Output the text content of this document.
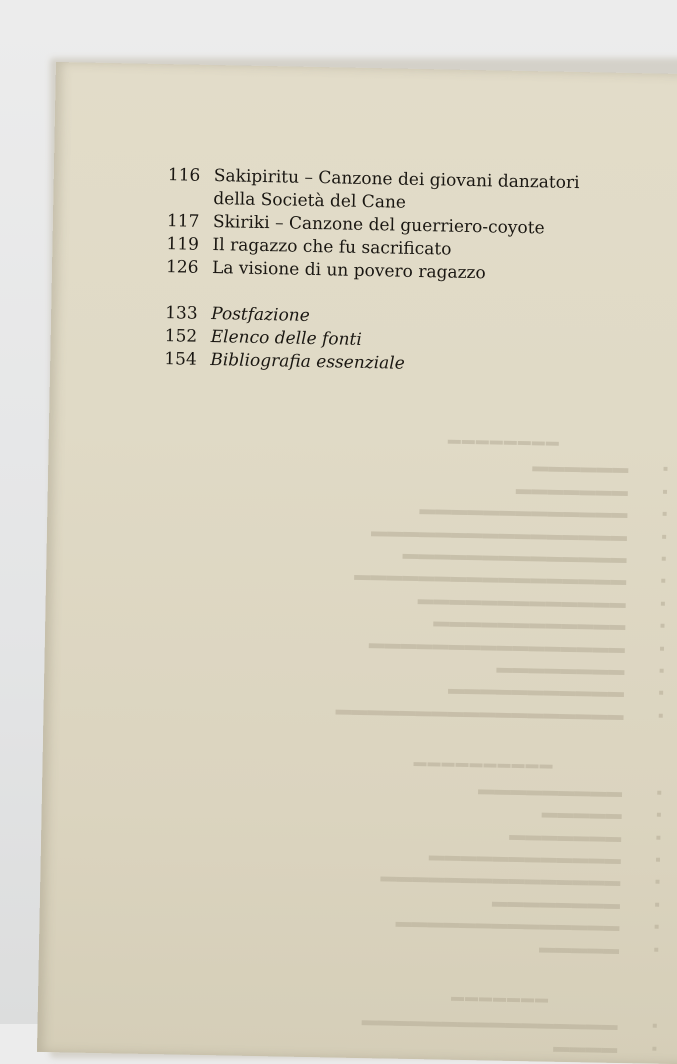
▬▬▬▬▬▬▬▬
▪
▬▬▬▬▬▬
▪
▬▬▬▬▬▬▬
▪
▬▬▬▬▬▬▬▬▬▬▬▬▬
▪
▬▬▬▬▬▬▬▬▬▬▬▬▬▬▬▬
▪
▬▬▬▬▬▬▬▬▬▬▬▬▬▬
▪
▬▬▬▬▬▬▬▬▬▬▬▬▬▬▬▬▬
▪
▬▬▬▬▬▬▬▬▬▬▬▬▬
▪
▬▬▬▬▬▬▬▬▬▬▬▬
▪
▬▬▬▬▬▬▬▬▬▬▬▬▬▬▬▬
▪
▬▬▬▬▬▬▬▬
▪
▬▬▬▬▬▬▬▬▬▬▬
▪
▬▬▬▬▬▬▬▬▬▬▬▬▬▬▬▬▬▬
▬▬▬▬▬▬▬▬▬▬
▪
▬▬▬▬▬▬▬▬▬
▪
▬▬▬▬▬
▪
▬▬▬▬▬▬▬
▪
▬▬▬▬▬▬▬▬▬▬▬▬
▪
▬▬▬▬▬▬▬▬▬▬▬▬▬▬▬
▪
▬▬▬▬▬▬▬▬
▪
▬▬▬▬▬▬▬▬▬▬▬▬▬▬
▪
▬▬▬▬▬
▬▬▬▬▬▬▬
▪
▬▬▬▬▬▬▬▬▬▬▬▬▬▬▬▬
▪
▬▬▬▬
116 Sakipiritu – Canzone dei giovani danzatori
della Società del Cane
117 Skiriki – Canzone del guerriero-coyote
119 Il ragazzo che fu sacrificato
126 La visione di un povero ragazzo
133 Postfazione
152 Elenco delle fonti
154 Bibliografia essenziale
